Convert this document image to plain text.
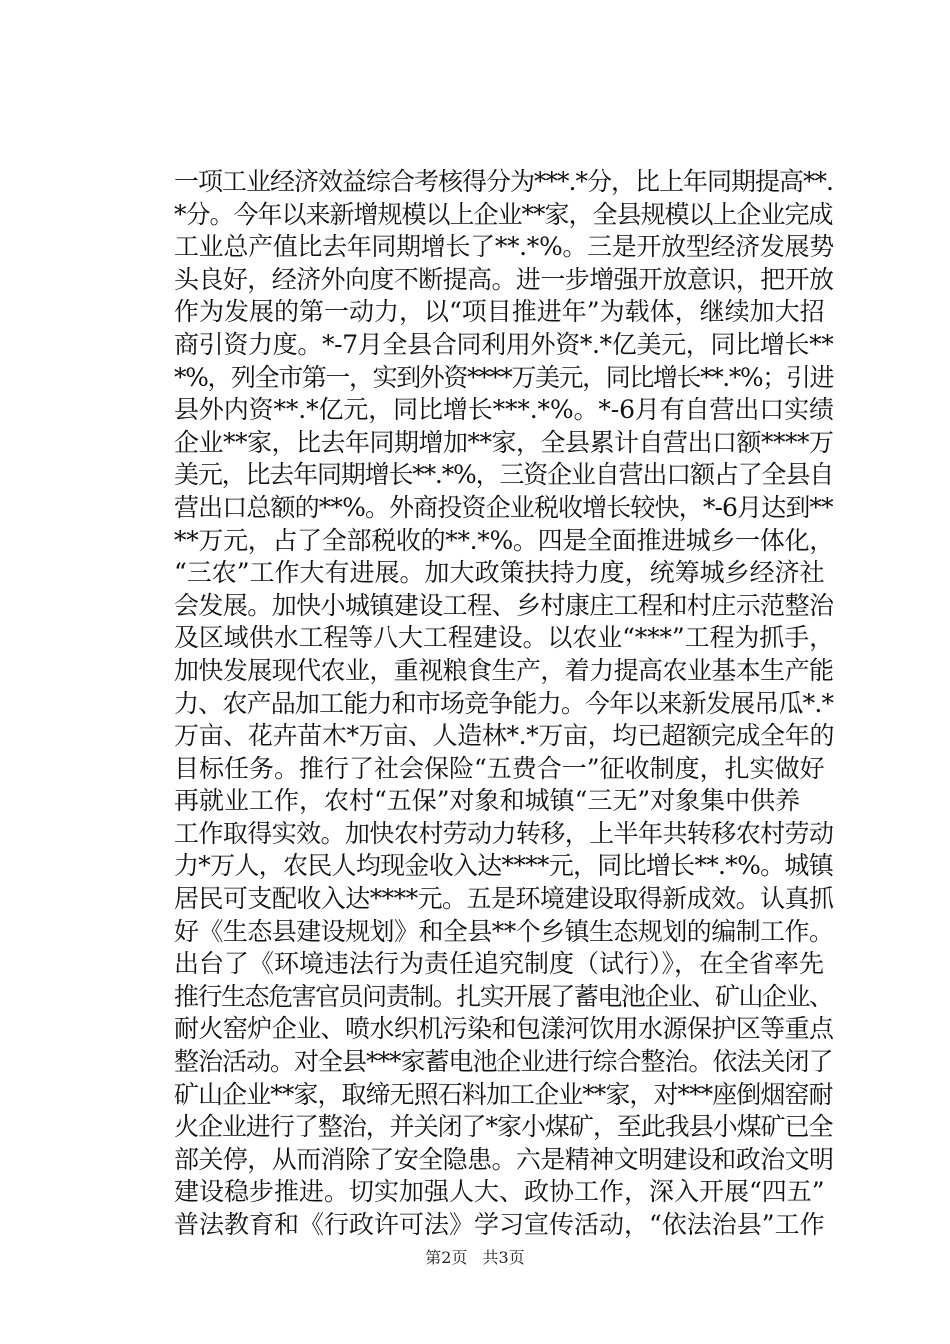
一项工业经济效益综合考核得分为***.*分，比上年同期提高**.
*分。今年以来新增规模以上企业**家，全县规模以上企业完成
工业总产值比去年同期增长了**.*%。三是开放型经济发展势
头良好，经济外向度不断提高。进一步增强开放意识，把开放
作为发展的第一动力，以“项目推进年”为载体，继续加大招
商引资力度。*-7月全县合同利用外资*.*亿美元，同比增长**
*%，列全市第一，实到外资****万美元，同比增长**.*%；引进
县外内资**.*亿元，同比增长***.*%。*-6月有自营出口实绩
企业**家，比去年同期增加**家，全县累计自营出口额****万
美元，比去年同期增长**.*%，三资企业自营出口额占了全县自
营出口总额的**%。外商投资企业税收增长较快，*-6月达到**
**万元，占了全部税收的**.*%。四是全面推进城乡一体化，
“三农”工作大有进展。加大政策扶持力度，统筹城乡经济社
会发展。加快小城镇建设工程、乡村康庄工程和村庄示范整治
及区域供水工程等八大工程建设。以农业“***”工程为抓手，
加快发展现代农业，重视粮食生产，着力提高农业基本生产能
力、农产品加工能力和市场竞争能力。今年以来新发展吊瓜*.*
万亩、花卉苗木*万亩、人造林*.*万亩，均已超额完成全年的
目标任务。推行了社会保险“五费合一”征收制度，扎实做好
再就业工作，农村“五保”对象和城镇“三无”对象集中供养
工作取得实效。加快农村劳动力转移，上半年共转移农村劳动
力*万人，农民人均现金收入达****元，同比增长**.*%。城镇
居民可支配收入达****元。五是环境建设取得新成效。认真抓
好《生态县建设规划》和全县**个乡镇生态规划的编制工作。
出台了《环境违法行为责任追究制度（试行）》，在全省率先
推行生态危害官员问责制。扎实开展了蓄电池企业、矿山企业、
耐火窑炉企业、喷水织机污染和包漾河饮用水源保护区等重点
整治活动。对全县***家蓄电池企业进行综合整治。依法关闭了
矿山企业**家，取缔无照石料加工企业**家，对***座倒烟窑耐
火企业进行了整治，并关闭了*家小煤矿，至此我县小煤矿已全
部关停，从而消除了安全隐患。六是精神文明建设和政治文明
建设稳步推进。切实加强人大、政协工作，深入开展“四五”
普法教育和《行政许可法》学习宣传活动，“依法治县”工作
第2页 共3页
